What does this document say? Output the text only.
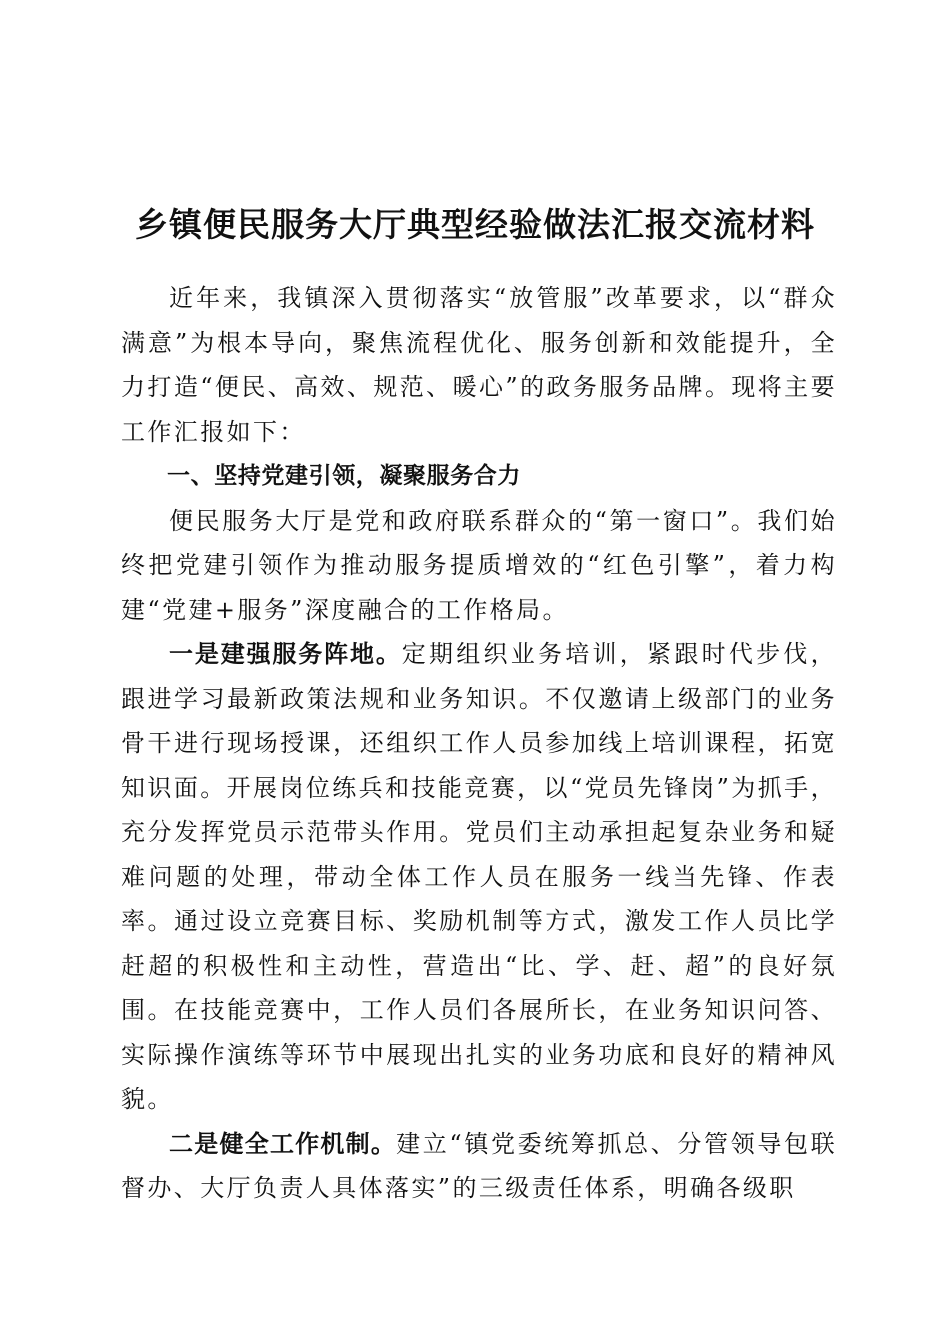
乡镇便民服务大厅典型经验做法汇报交流材料

近年来，我镇深入贯彻落实“放管服”改革要求，以“群众满意”为根本导向，聚焦流程优化、服务创新和效能提升，全力打造“便民、高效、规范、暖心”的政务服务品牌。现将主要工作汇报如下：

一、坚持党建引领，凝聚服务合力

便民服务大厅是党和政府联系群众的“第一窗口”。我们始终把党建引领作为推动服务提质增效的“红色引擎”，着力构建“党建+服务”深度融合的工作格局。

一是建强服务阵地。定期组织业务培训，紧跟时代步伐，跟进学习最新政策法规和业务知识。不仅邀请上级部门的业务骨干进行现场授课，还组织工作人员参加线上培训课程，拓宽知识面。开展岗位练兵和技能竞赛，以“党员先锋岗”为抓手，充分发挥党员示范带头作用。党员们主动承担起复杂业务和疑难问题的处理，带动全体工作人员在服务一线当先锋、作表率。通过设立竞赛目标、奖励机制等方式，激发工作人员比学赶超的积极性和主动性，营造出“比、学、赶、超”的良好氛围。在技能竞赛中，工作人员们各展所长，在业务知识问答、实际操作演练等环节中展现出扎实的业务功底和良好的精神风貌。

二是健全工作机制。建立“镇党委统筹抓总、分管领导包联督办、大厅负责人具体落实”的三级责任体系，明确各级职
